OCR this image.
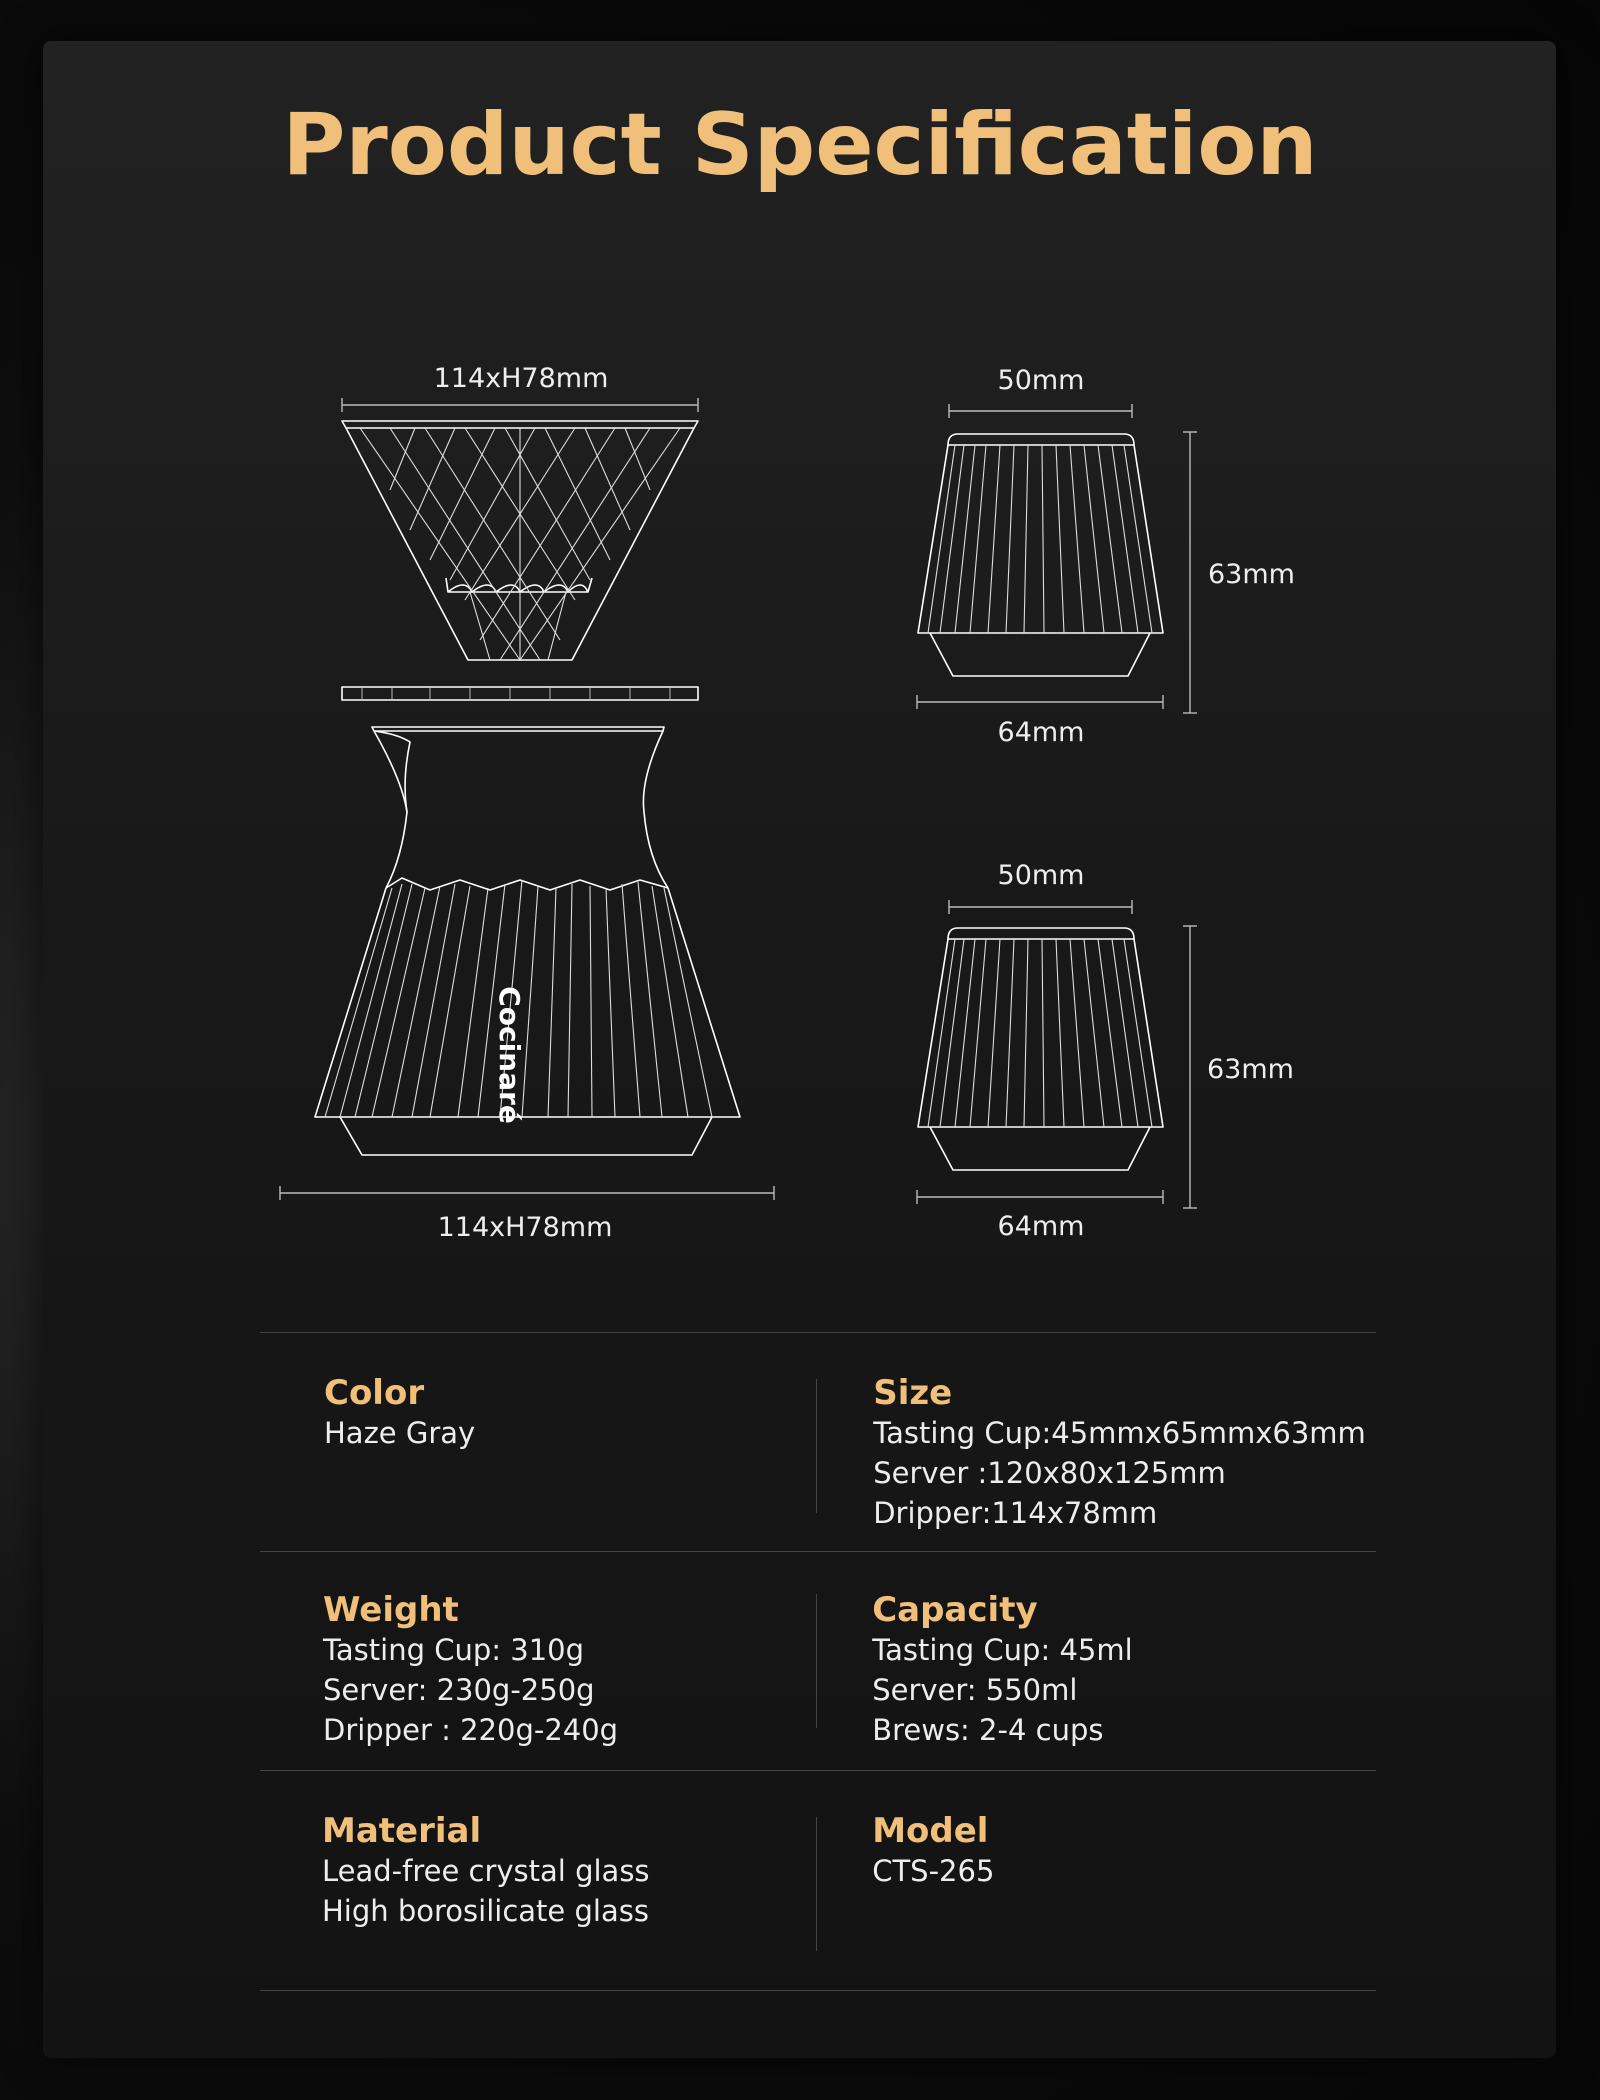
Product Specification
114xH78mm
114xH78mm
Cocinaré
50mm
63mm
64mm
50mm
63mm
64mm

Color

Haze Gray

Size

Tasting Cup:45mmx65mmx63mm

Server :120x80x125mm

Dripper:114x78mm

Weight

Tasting Cup: 310g

Server: 230g-250g

Dripper : 220g-240g

Capacity

Tasting Cup: 45ml

Server: 550ml

Brews: 2-4 cups

Material

Lead-free crystal glass

High borosilicate glass

Model

CTS-265
